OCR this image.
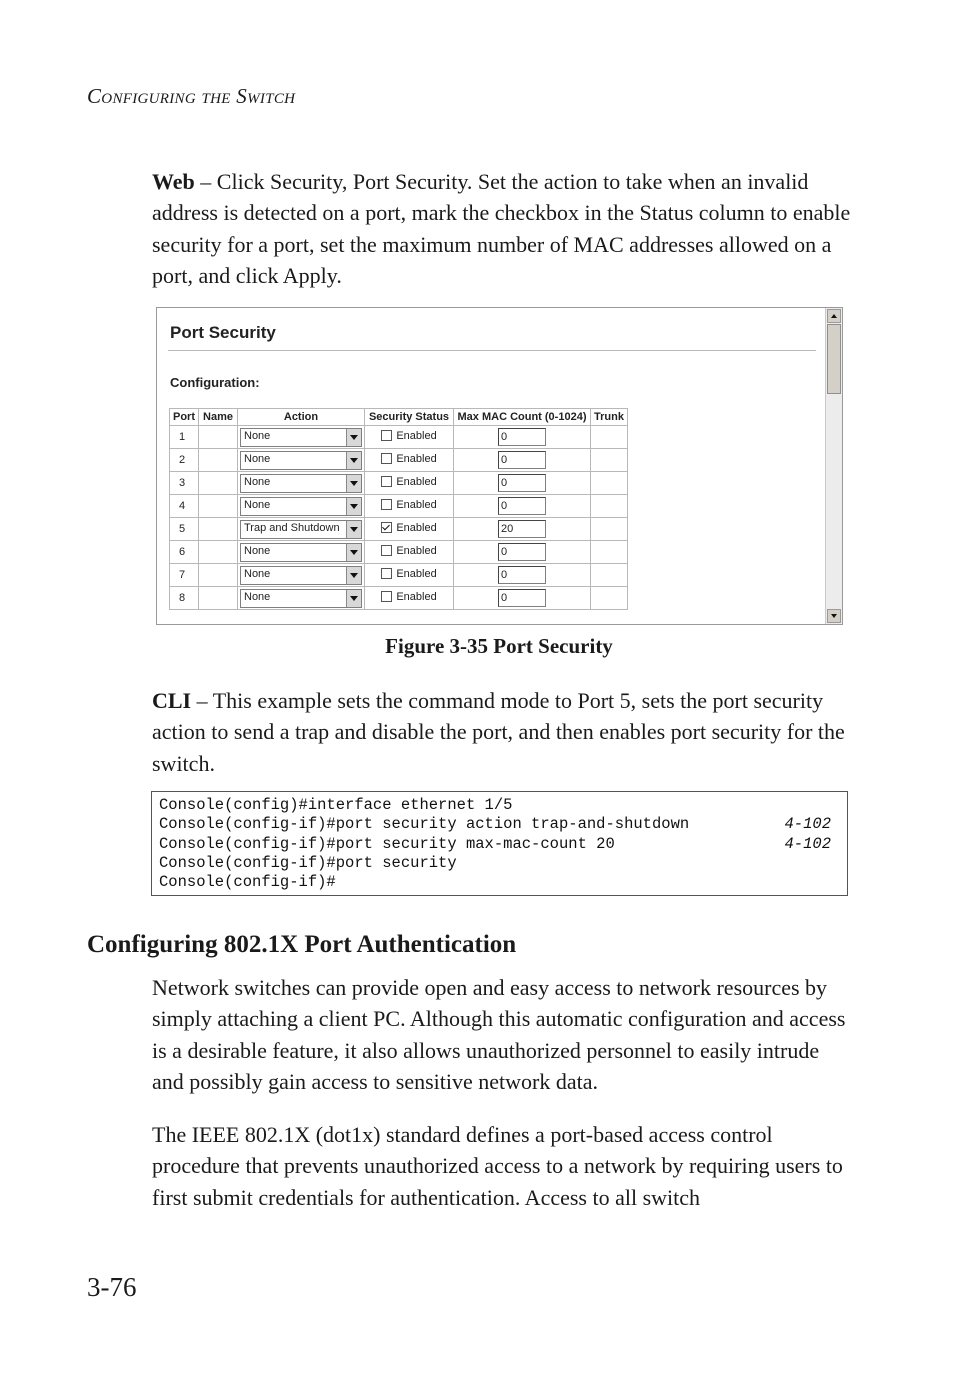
Configuring the Switch

Web – Click Security, Port Security. Set the action to take when an invalid address is detected on a port, mark the checkbox in the Status column to enable security for a port, set the maximum number of MAC addresses allowed on a port, and click Apply.

Port Security
Configuration:
Port	Name	Action	Security Status	Max MAC Count (0-1024)	Trunk
1		None	Enabled	0	
2		None	Enabled	0	
3		None	Enabled	0	
4		None	Enabled	0	
5		Trap and Shutdown	Enabled	20	
6		None	Enabled	0	
7		None	Enabled	0	
8		None	Enabled	0	
Figure 3-35 Port Security

CLI – This example sets the command mode to Port 5, sets the port security action to send a trap and disable the port, and then enables port security for the switch.

Console(config)#interface ethernet 1/5
Console(config-if)#port security action trap-and-shutdown	4-102
Console(config-if)#port security max-mac-count 20	4-102
Console(config-if)#port security
Console(config-if)#
Configuring 802.1X Port Authentication

Network switches can provide open and easy access to network resources by simply attaching a client PC. Although this automatic configuration and access is a desirable feature, it also allows unauthorized personnel to easily intrude and possibly gain access to sensitive network data.

The IEEE 802.1X (dot1x) standard defines a port-based access control procedure that prevents unauthorized access to a network by requiring users to first submit credentials for authentication. Access to all switch

3-76
